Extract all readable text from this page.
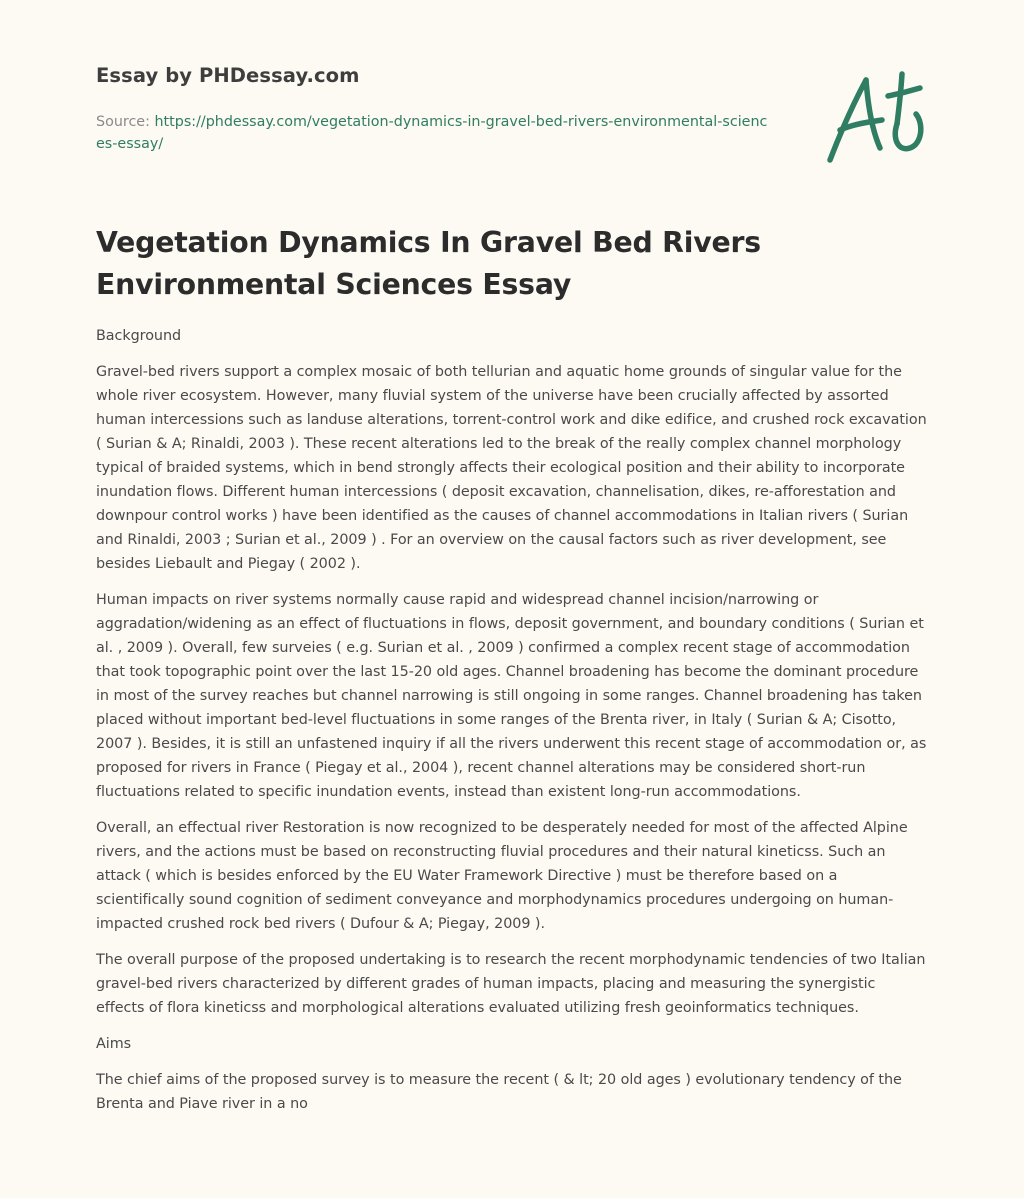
Essay by PHDessay.com
Source: https://phdessay.com/vegetation-dynamics-in-gravel-bed-rivers-environmental-sciences-essay/
Vegetation Dynamics In Gravel Bed Rivers Environmental Sciences Essay

Background

Gravel-bed rivers support a complex mosaic of both tellurian and aquatic home grounds of singular value for the whole river ecosystem. However, many fluvial system of the universe have been crucially affected by assorted human intercessions such as landuse alterations, torrent-control work and dike edifice, and crushed rock excavation ( Surian & A; Rinaldi, 2003 ). These recent alterations led to the break of the really complex channel morphology typical of braided systems, which in bend strongly affects their ecological position and their ability to incorporate inundation flows. Different human intercessions ( deposit excavation, channelisation, dikes, re-afforestation and downpour control works ) have been identified as the causes of channel accommodations in Italian rivers ( Surian and Rinaldi, 2003 ; Surian et al., 2009 ) . For an overview on the causal factors such as river development, see besides Liebault and Piegay ( 2002 ).

Human impacts on river systems normally cause rapid and widespread channel incision/narrowing or aggradation/widening as an effect of fluctuations in flows, deposit government, and boundary conditions ( Surian et al. , 2009 ). Overall, few surveies ( e.g. Surian et al. , 2009 ) confirmed a complex recent stage of accommodation that took topographic point over the last 15-20 old ages. Channel broadening has become the dominant procedure in most of the survey reaches but channel narrowing is still ongoing in some ranges. Channel broadening has taken placed without important bed-level fluctuations in some ranges of the Brenta river, in Italy ( Surian & A; Cisotto, 2007 ). Besides, it is still an unfastened inquiry if all the rivers underwent this recent stage of accommodation or, as proposed for rivers in France ( Piegay et al., 2004 ), recent channel alterations may be considered short-run fluctuations related to specific inundation events, instead than existent long-run accommodations.

Overall, an effectual river Restoration is now recognized to be desperately needed for most of the affected Alpine rivers, and the actions must be based on reconstructing fluvial procedures and their natural kineticss. Such an attack ( which is besides enforced by the EU Water Framework Directive ) must be therefore based on a scientifically sound cognition of sediment conveyance and morphodynamics procedures undergoing on human-impacted crushed rock bed rivers ( Dufour & A; Piegay, 2009 ).

The overall purpose of the proposed undertaking is to research the recent morphodynamic tendencies of two Italian gravel-bed rivers characterized by different grades of human impacts, placing and measuring the synergistic effects of flora kineticss and morphological alterations evaluated utilizing fresh geoinformatics techniques.

Aims

The chief aims of the proposed survey is to measure the recent ( & lt; 20 old ages ) evolutionary tendency of the Brenta and Piave river in a no
